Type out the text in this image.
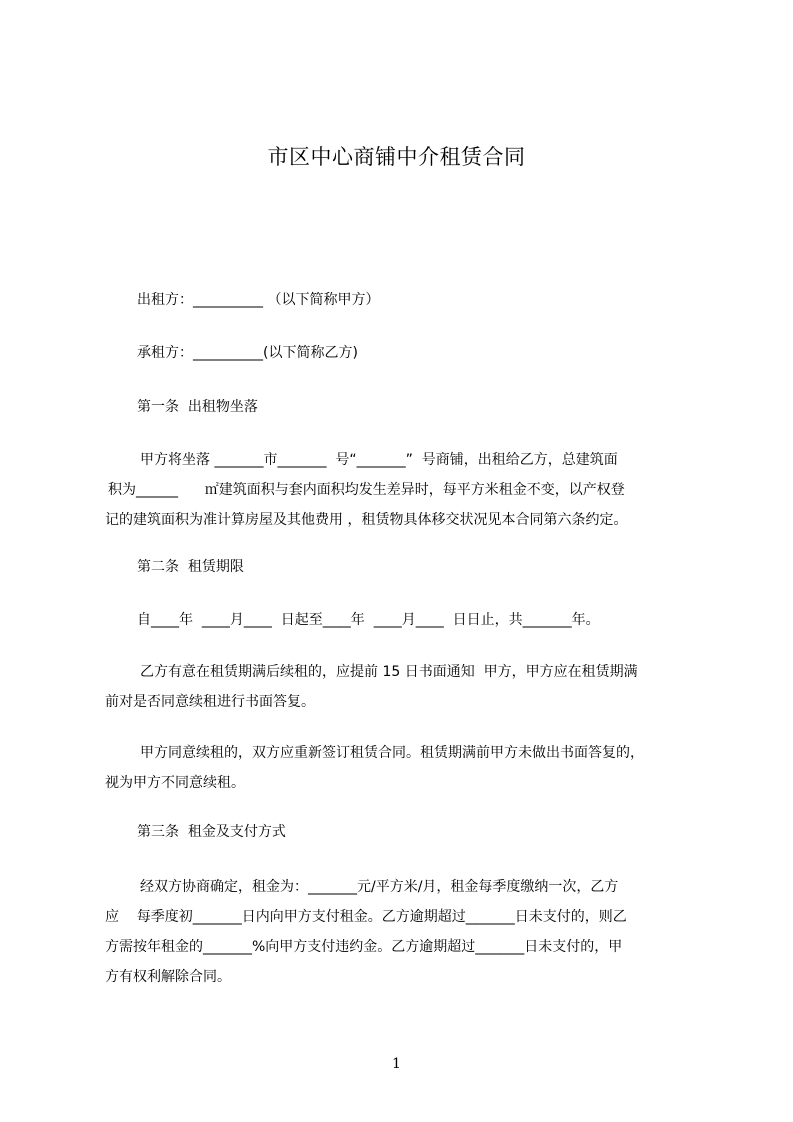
市区中心商铺中介租赁合同
出租方：__________ （以下简称甲方）
承租方：__________(以下简称乙方)
第一条  出租物坐落
甲方将坐落 _______市_______  号“_______”  号商铺，出租给乙方，总建筑面
积为______      ㎡建筑面积与套内面积均发生差异时，每平方米租金不变，以产权登
记的建筑面积为准计算房屋及其他费用 ，租赁物具体移交状况见本合同第六条约定。
第二条  租赁期限
自____年  ____月____  日起至____年  ____月____  日日止，共_______年。
乙方有意在租赁期满后续租的，应提前 15 日书面通知  甲方，甲方应在租赁期满
前对是否同意续租进行书面答复。
甲方同意续租的，双方应重新签订租赁合同。租赁期满前甲方未做出书面答复的，
视为甲方不同意续租。
第三条  租金及支付方式
经双方协商确定，租金为：_______元/平方米/月，租金每季度缴纳一次，乙方
应    每季度初_______日内向甲方支付租金。乙方逾期超过_______日未支付的，则乙
方需按年租金的_______%向甲方支付违约金。乙方逾期超过_______日未支付的，甲
方有权利解除合同。
1
